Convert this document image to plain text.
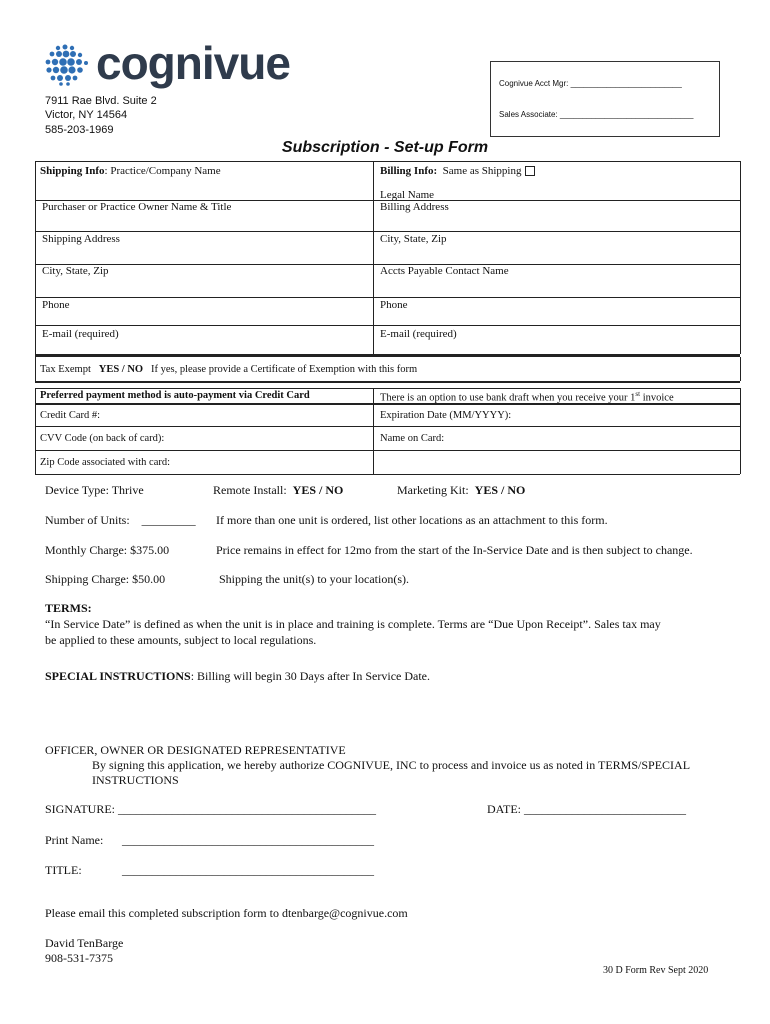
cognivue
7911 Rae Blvd. Suite 2
Victor, NY 14564
585-203-1969
Cognivue Acct Mgr: _________________________
Sales Associate: ______________________________
Subscription - Set-up Form
Shipping Info: Practice/Company Name	Billing Info: Same as Shipping
Legal Name
Purchaser or Practice Owner Name & Title	Billing Address
Shipping Address	City, State, Zip
City, State, Zip	Accts Payable Contact Name
Phone	Phone
E-mail (required)	E-mail (required)
Tax Exempt YES / NO If yes, please provide a Certificate of Exemption with this form
Preferred payment method is auto-payment via Credit Card	There is an option to use bank draft when you receive your 1st invoice
Credit Card #:	Expiration Date (MM/YYYY):
CVV Code (on back of card):	Name on Card:
Zip Code associated with card:
Device Type: Thrive	Remote Install: YES / NO	Marketing Kit: YES / NO
Number of Units:    _________ If more than one unit is ordered, list other locations as an attachment to this form.
Monthly Charge: $375.00	Price remains in effect for 12mo from the start of the In-Service Date and is then subject to change.
Shipping Charge: $50.00	Shipping the unit(s) to your location(s).
TERMS:
“In Service Date” is defined as when the unit is in place and training is complete. Terms are “Due Upon Receipt”. Sales tax may
be applied to these amounts, subject to local regulations.
SPECIAL INSTRUCTIONS: Billing will begin 30 Days after In Service Date.
OFFICER, OWNER OR DESIGNATED REPRESENTATIVE
By signing this application, we hereby authorize COGNIVUE, INC to process and invoice us as noted in TERMS/SPECIAL
INSTRUCTIONS
SIGNATURE: ___________________________________________	DATE: ___________________________
Print Name: __________________________________________
TITLE:	__________________________________________
Please email this completed subscription form to dtenbarge@cognivue.com
David TenBarge
908-531-7375
30 D Form Rev Sept 2020
